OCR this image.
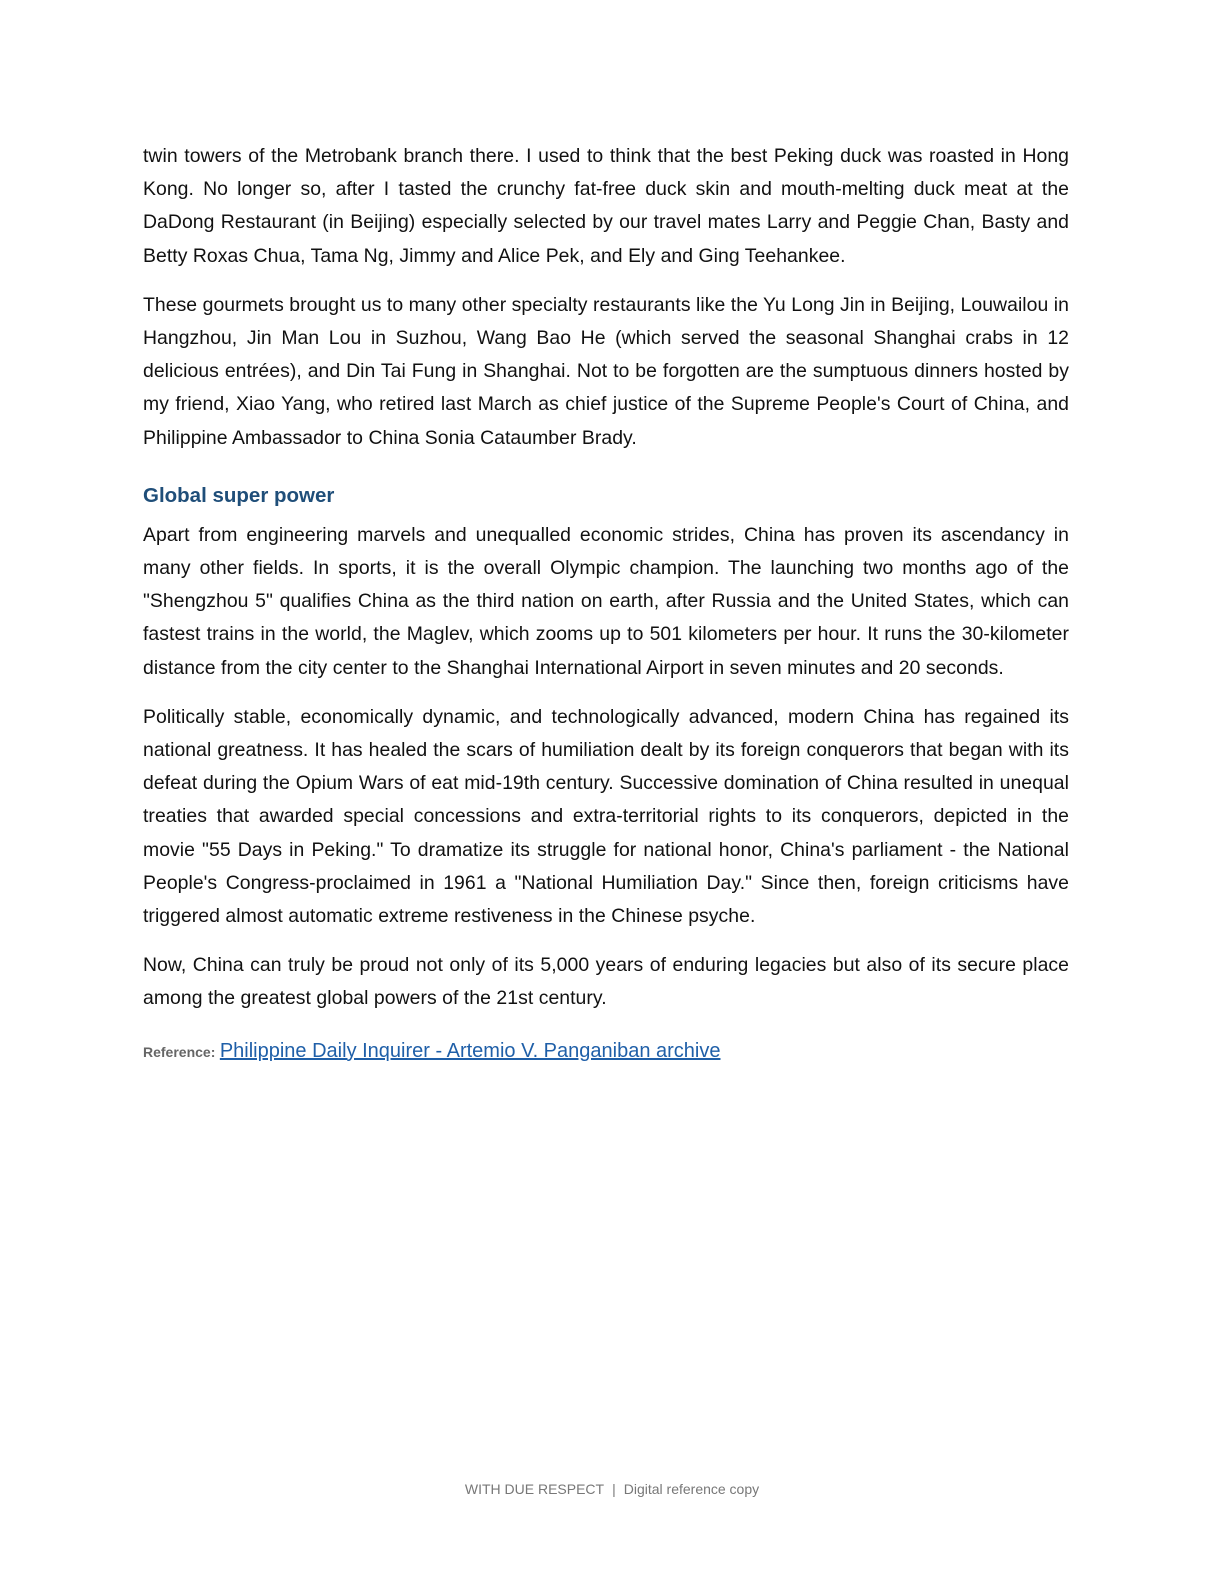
twin towers of the Metrobank branch there. I used to think that the best Peking duck was roasted in Hong Kong. No longer so, after I tasted the crunchy fat-free duck skin and mouth-melting duck meat at the DaDong Restaurant (in Beijing) especially selected by our travel mates Larry and Peggie Chan, Basty and Betty Roxas Chua, Tama Ng, Jimmy and Alice Pek, and Ely and Ging Teehankee.

These gourmets brought us to many other specialty restaurants like the Yu Long Jin in Beijing, Louwailou in Hangzhou, Jin Man Lou in Suzhou, Wang Bao He (which served the seasonal Shanghai crabs in 12 delicious entrées), and Din Tai Fung in Shanghai. Not to be forgotten are the sumptuous dinners hosted by my friend, Xiao Yang, who retired last March as chief justice of the Supreme People's Court of China, and Philippine Ambassador to China Sonia Cataumber Brady.

Global super power

Apart from engineering marvels and unequalled economic strides, China has proven its ascendancy in many other fields. In sports, it is the overall Olympic champion. The launching two months ago of the "Shengzhou 5" qualifies China as the third nation on earth, after Russia and the United States, which can fastest trains in the world, the Maglev, which zooms up to 501 kilometers per hour. It runs the 30-kilometer distance from the city center to the Shanghai International Airport in seven minutes and 20 seconds.

Politically stable, economically dynamic, and technologically advanced, modern China has regained its national greatness. It has healed the scars of humiliation dealt by its foreign conquerors that began with its defeat during the Opium Wars of eat mid-19th century. Successive domination of China resulted in unequal treaties that awarded special concessions and extra-territorial rights to its conquerors, depicted in the movie "55 Days in Peking." To dramatize its struggle for national honor, China's parliament - the National People's Congress-proclaimed in 1961 a "National Humiliation Day." Since then, foreign criticisms have triggered almost automatic extreme restiveness in the Chinese psyche.

Now, China can truly be proud not only of its 5,000 years of enduring legacies but also of its secure place among the greatest global powers of the 21st century.

Reference: Philippine Daily Inquirer - Artemio V. Panganiban archive
WITH DUE RESPECT | Digital reference copy
